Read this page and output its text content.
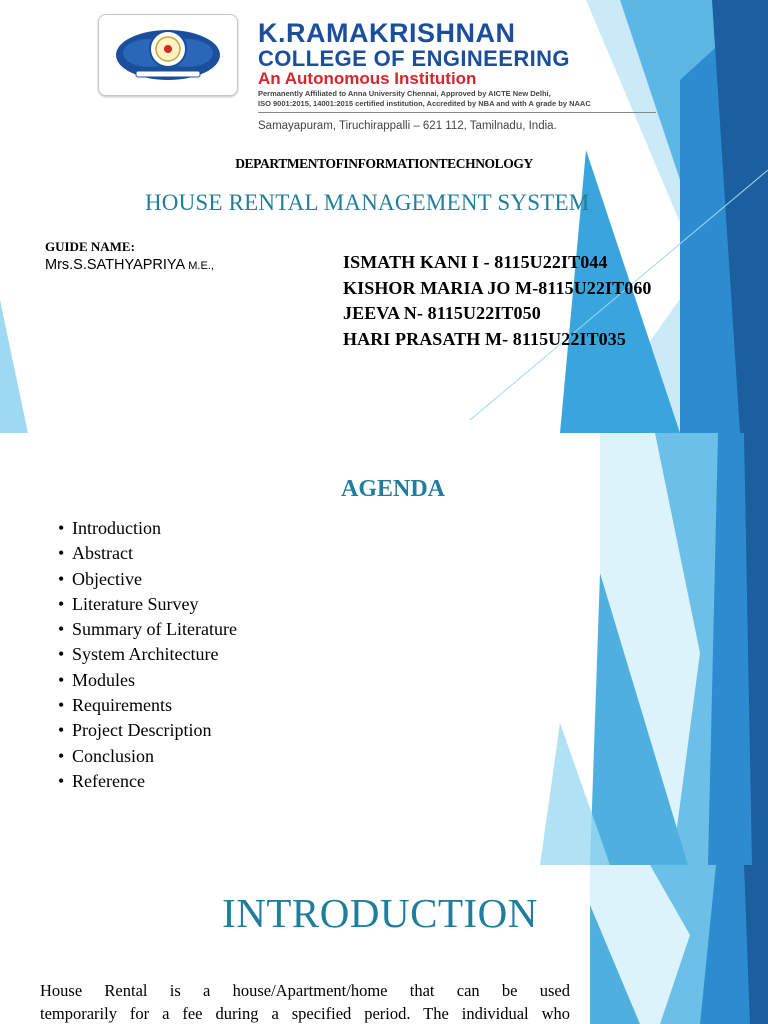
K.RAMAKRISHNAN
COLLEGE OF ENGINEERING
An Autonomous Institution
Permanently Affiliated to Anna University Chennai, Approved by AICTE New Delhi,
ISO 9001:2015, 14001:2015 certified institution, Accredited by NBA and with A grade by NAAC
Samayapuram, Tiruchirappalli – 621 112, Tamilnadu, India.
DEPARTMENTOFINFORMATIONTECHNOLOGY
HOUSE RENTAL MANAGEMENT SYSTEM
GUIDE NAME:
Mrs.S.SATHYAPRIYA M.E.,	ISMATH KANI I - 8115U22IT044
KISHOR MARIA JO M-8115U22IT060
JEEVA N- 8115U22IT050
HARI PRASATH M- 8115U22IT035
AGENDA
• Introduction
• Abstract
• Objective
• Literature Survey
• Summary of Literature
• System Architecture
• Modules
• Requirements
• Project Description
• Conclusion
• Reference
INTRODUCTION

House Rental is a house/Apartment/home that can be used

temporarily for a fee during a specified period. The individual who
